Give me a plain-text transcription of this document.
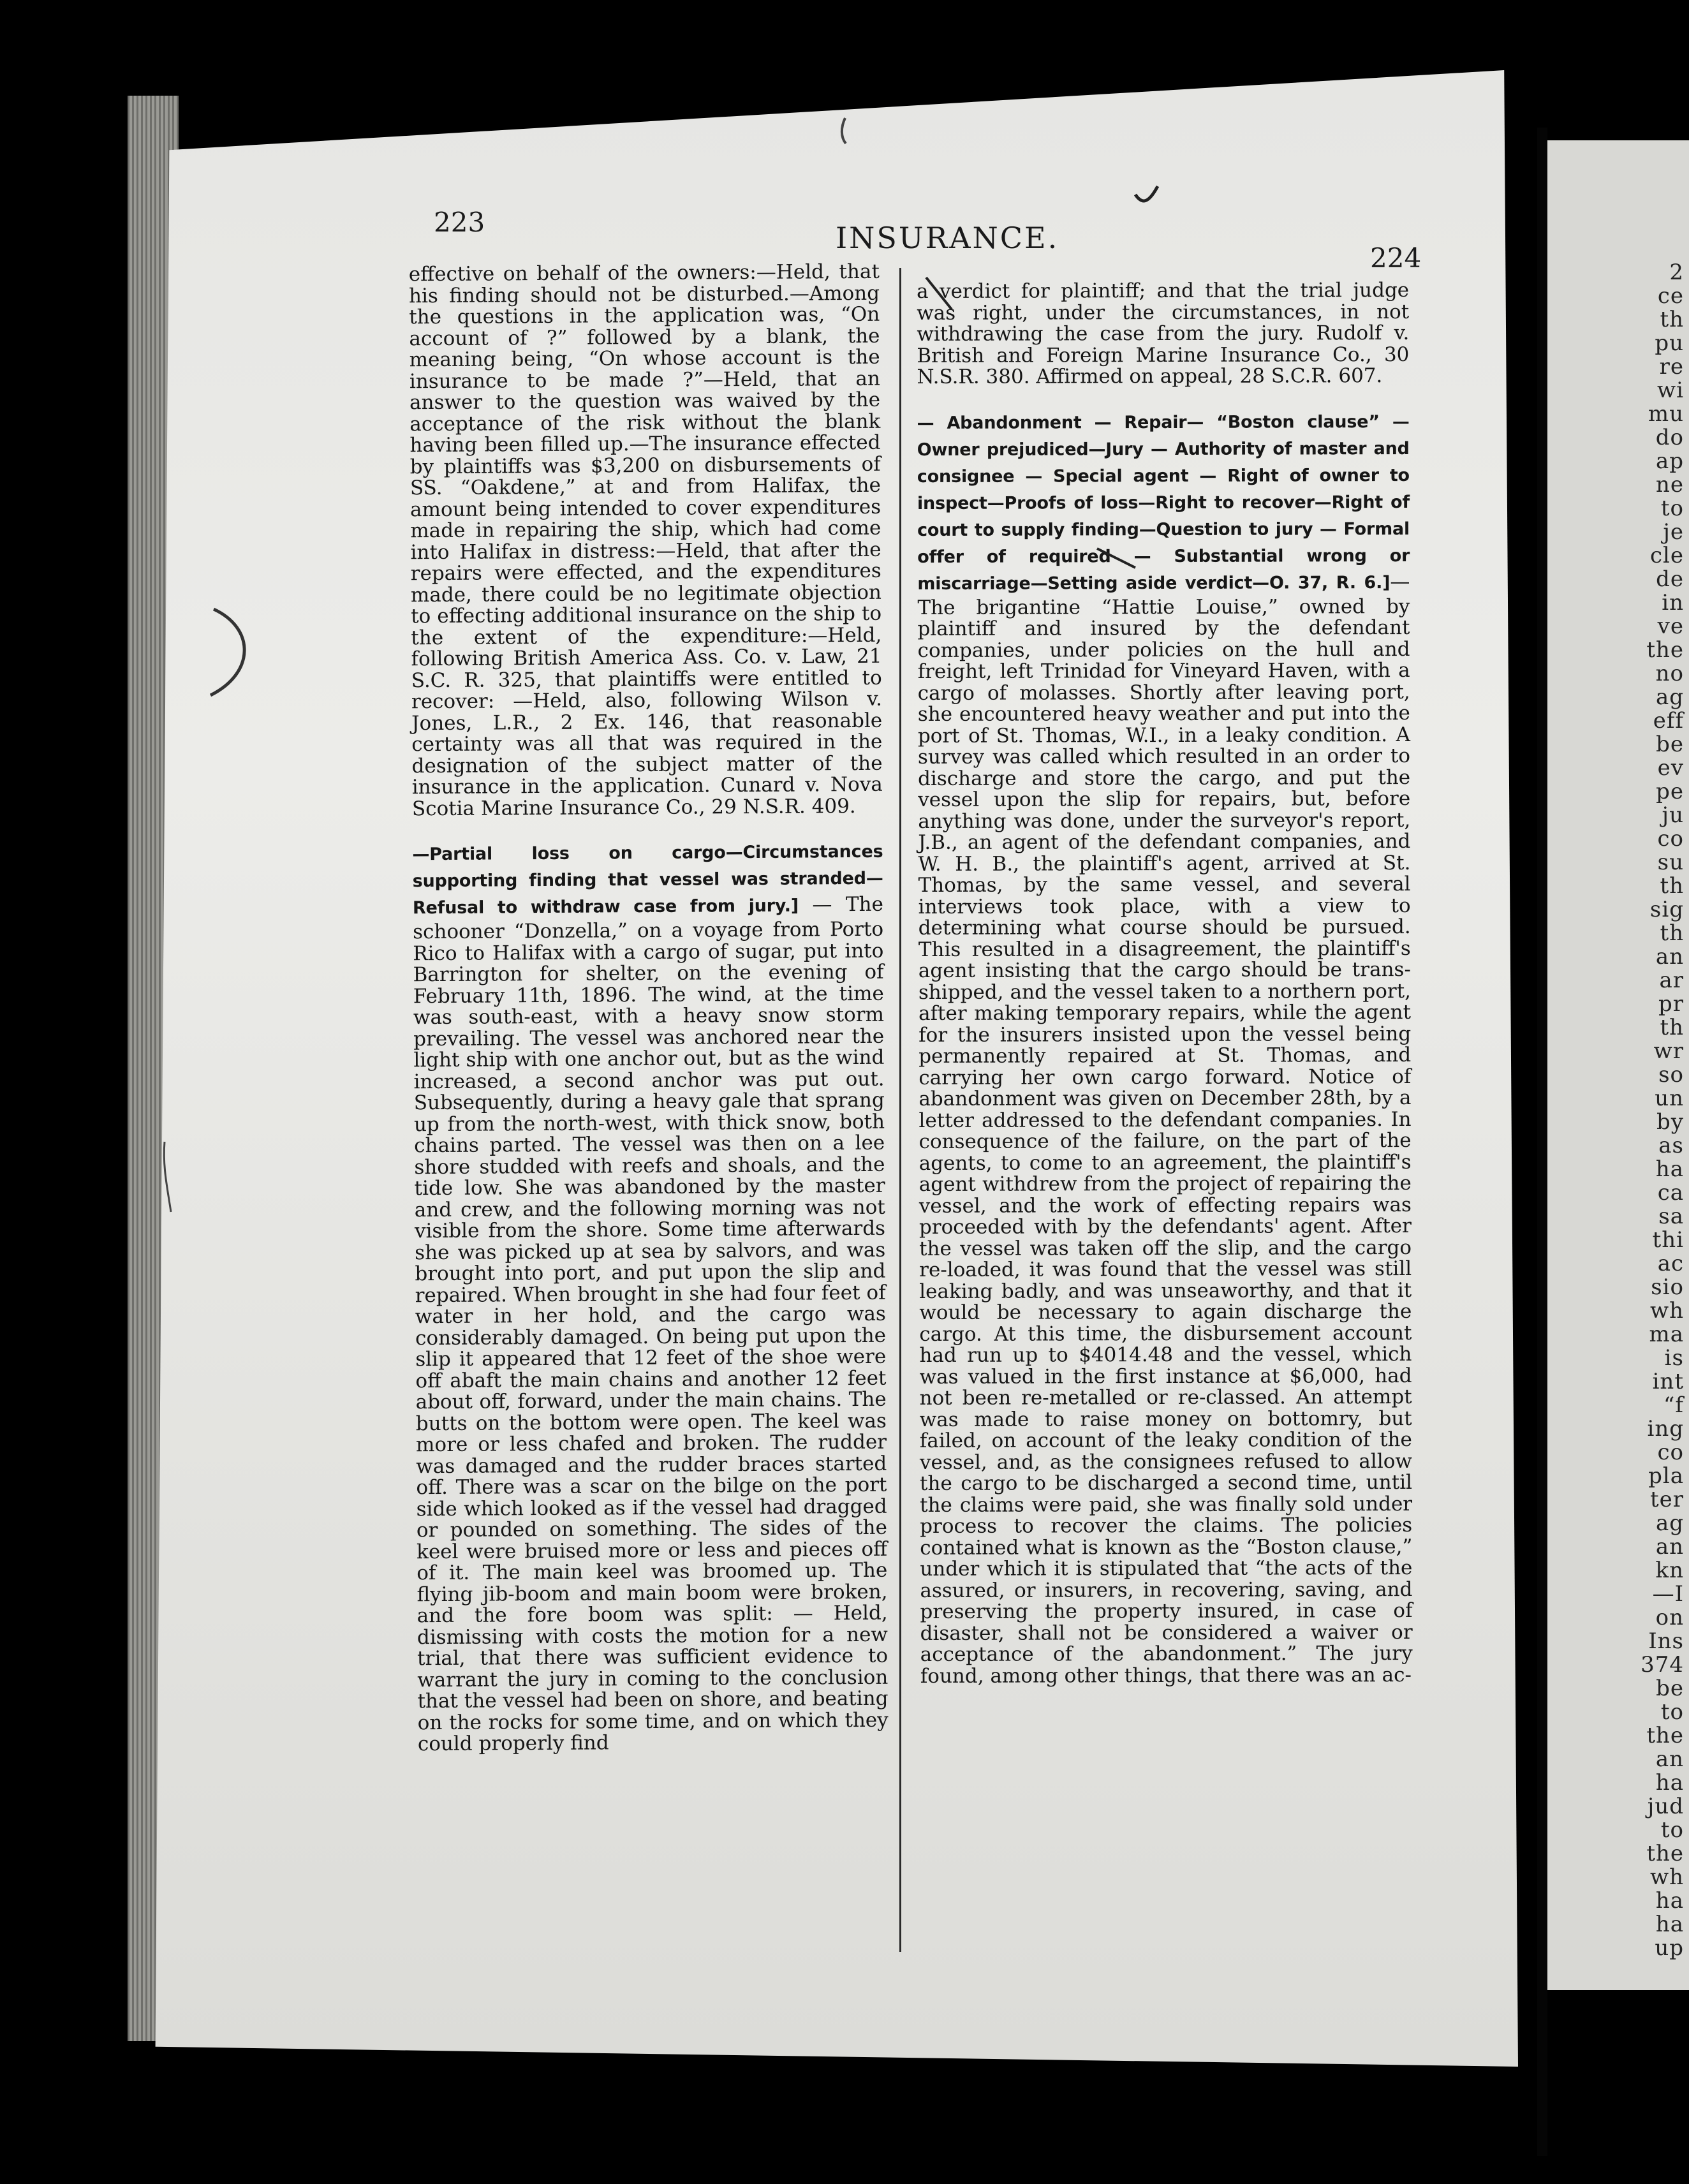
2
ce
th
pu
re
wi
mu
do
ap
ne
to
je
cle
de
in
ve
the
no
ag
eff
be
ev
pe
ju
co
su
th
sig
th
an
ar
pr
th
wr
so
un
by
as
ha
ca
sa
thi
ac
sio
wh
ma
is
int
“f
ing
co
pla
ter
ag
an
kn
—I
on
Ins
374
be
to
the
an
ha
jud
to
the
wh
ha
ha
up
223	INSURANCE.
224

effective on behalf of the owners:—Held, that his finding should not be disturbed.—Among the questions in the application was, “On account of ?” followed by a blank, the meaning being, “On whose account is the insurance to be made ?”—Held, that an answer to the question was waived by the acceptance of the risk without the blank having been filled up.—The insurance effected by plaintiffs was $3,200 on disbursements of SS. “Oakdene,” at and from Halifax, the amount being intended to cover expenditures made in repairing the ship, which had come into Halifax in distress:—Held, that after the repairs were effected, and the expenditures made, there could be no legitimate objection to effecting additional insurance on the ship to the extent of the expenditure:—Held, following British America Ass. Co. v. Law, 21 S.C. R. 325, that plaintiffs were entitled to recover: —Held, also, following Wilson v. Jones, L.R., 2 Ex. 146, that reasonable certainty was all that was required in the designation of the subject matter of the insurance in the application. Cunard v. Nova Scotia Marine Insurance Co., 29 N.S.R. 409.

—Partial loss on cargo—Circumstances supporting finding that vessel was stranded—Refusal to withdraw case from jury.] — The schooner “Donzella,” on a voyage from Porto Rico to Halifax with a cargo of sugar, put into Barrington for shelter, on the evening of February 11th, 1896. The wind, at the time was south-east, with a heavy snow storm prevailing. The vessel was anchored near the light ship with one anchor out, but as the wind increased, a second anchor was put out. Subsequently, during a heavy gale that sprang up from the north-west, with thick snow, both chains parted. The vessel was then on a lee shore studded with reefs and shoals, and the tide low. She was abandoned by the master and crew, and the following morning was not visible from the shore. Some time afterwards she was picked up at sea by salvors, and was brought into port, and put upon the slip and repaired. When brought in she had four feet of water in her hold, and the cargo was considerably damaged. On being put upon the slip it appeared that 12 feet of the shoe were off abaft the main chains and another 12 feet about off, forward, under the main chains. The butts on the bottom were open. The keel was more or less chafed and broken. The rudder was damaged and the rudder braces started off. There was a scar on the bilge on the port side which looked as if the vessel had dragged or pounded on something. The sides of the keel were bruised more or less and pieces off of it. The main keel was broomed up. The flying jib-boom and main boom were broken, and the fore boom was split: — Held, dismissing with costs the motion for a new trial, that there was sufficient evidence to warrant the jury in coming to the conclusion that the vessel had been on shore, and beating on the rocks for some time, and on which they could properly find

a verdict for plaintiff; and that the trial judge was right, under the circumstances, in not withdrawing the case from the jury. Rudolf v. British and Foreign Marine Insurance Co., 30 N.S.R. 380. Affirmed on appeal, 28 S.C.R. 607.

— Abandonment — Repair— “Boston clause” — Owner prejudiced—Jury — Authority of master and consignee — Special agent — Right of owner to inspect—Proofs of loss—Right to recover—Right of court to supply finding—Question to jury — Formal offer of required — Substantial wrong or miscarriage—Setting aside verdict—O. 37, R. 6.]—The brigantine “Hattie Louise,” owned by plaintiff and insured by the defendant companies, under policies on the hull and freight, left Trinidad for Vineyard Haven, with a cargo of molasses. Shortly after leaving port, she encountered heavy weather and put into the port of St. Thomas, W.I., in a leaky condition. A survey was called which resulted in an order to discharge and store the cargo, and put the vessel upon the slip for repairs, but, before anything was done, under the surveyor's report, J.B., an agent of the defendant companies, and W. H. B., the plaintiff's agent, arrived at St. Thomas, by the same vessel, and several interviews took place, with a view to determining what course should be pursued. This resulted in a disagreement, the plaintiff's agent insisting that the cargo should be trans-shipped, and the vessel taken to a northern port, after making temporary repairs, while the agent for the insurers insisted upon the vessel being permanently repaired at St. Thomas, and carrying her own cargo forward. Notice of abandonment was given on December 28th, by a letter addressed to the defendant companies. In consequence of the failure, on the part of the agents, to come to an agreement, the plaintiff's agent withdrew from the project of repairing the vessel, and the work of effecting repairs was proceeded with by the defendants' agent. After the vessel was taken off the slip, and the cargo re-loaded, it was found that the vessel was still leaking badly, and was unseaworthy, and that it would be necessary to again discharge the cargo. At this time, the disbursement account had run up to $4014.48 and the vessel, which was valued in the first instance at $6,000, had not been re-metalled or re-classed. An attempt was made to raise money on bottomry, but failed, on account of the leaky condition of the vessel, and, as the consignees refused to allow the cargo to be discharged a second time, until the claims were paid, she was finally sold under process to recover the claims. The policies contained what is known as the “Boston clause,” under which it is stipulated that “the acts of the assured, or insurers, in recovering, saving, and preserving the property insured, in case of disaster, shall not be considered a waiver or acceptance of the abandonment.” The jury found, among other things, that there was an ac-
